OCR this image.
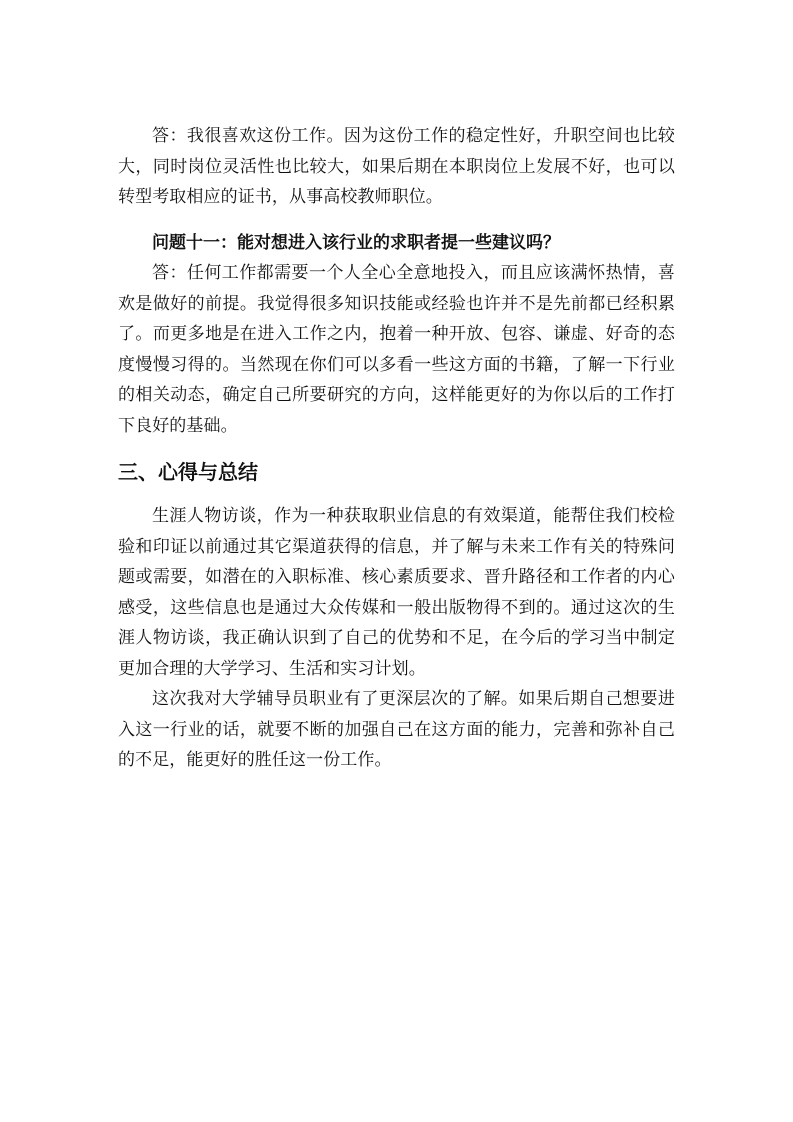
答：我很喜欢这份工作。因为这份工作的稳定性好，升职空间也比较大，同时岗位灵活性也比较大，如果后期在本职岗位上发展不好，也可以转型考取相应的证书，从事高校教师职位。

问题十一：能对想进入该行业的求职者提一些建议吗？

答：任何工作都需要一个人全心全意地投入，而且应该满怀热情，喜欢是做好的前提。我觉得很多知识技能或经验也许并不是先前都已经积累了。而更多地是在进入工作之内，抱着一种开放、包容、谦虚、好奇的态度慢慢习得的。当然现在你们可以多看一些这方面的书籍，了解一下行业的相关动态，确定自己所要研究的方向，这样能更好的为你以后的工作打下良好的基础。

三、心得与总结

生涯人物访谈，作为一种获取职业信息的有效渠道，能帮住我们校检验和印证以前通过其它渠道获得的信息，并了解与未来工作有关的特殊问题或需要，如潜在的入职标准、核心素质要求、晋升路径和工作者的内心感受，这些信息也是通过大众传媒和一般出版物得不到的。通过这次的生涯人物访谈，我正确认识到了自己的优势和不足，在今后的学习当中制定更加合理的大学学习、生活和实习计划。

这次我对大学辅导员职业有了更深层次的了解。如果后期自己想要进入这一行业的话，就要不断的加强自己在这方面的能力，完善和弥补自己的不足，能更好的胜任这一份工作。
